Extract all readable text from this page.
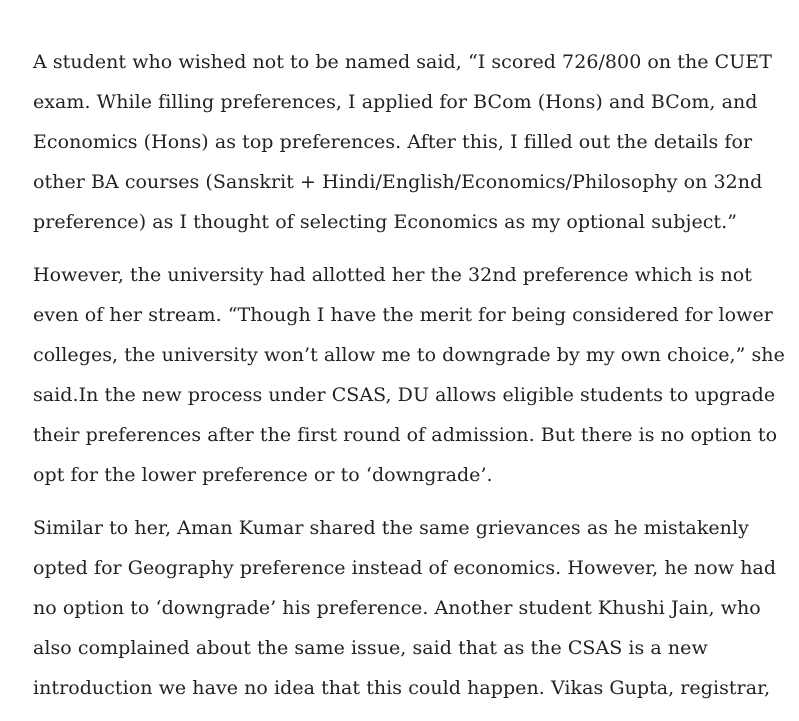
A student who wished not to be named said, “I scored 726/800 on the CUET exam. While filling preferences, I applied for BCom (Hons) and BCom, and Economics (Hons) as top preferences. After this, I filled out the details for other BA courses (Sanskrit + Hindi/English/Economics/Philosophy on 32nd preference) as I thought of selecting Economics as my optional subject.”

However, the university had allotted her the 32nd preference which is not even of her stream. “Though I have the merit for being considered for lower colleges, the university won’t allow me to downgrade by my own choice,” she said.In the new process under CSAS, DU allows eligible students to upgrade their preferences after the first round of admission. But there is no option to opt for the lower preference or to ‘downgrade’.

Similar to her, Aman Kumar shared the same grievances as he mistakenly opted for Geography preference instead of economics. However, he now had no option to ‘downgrade’ his preference. Another student Khushi Jain, who also complained about the same issue, said that as the CSAS is a new introduction we have no idea that this could happen. Vikas Gupta, registrar,
